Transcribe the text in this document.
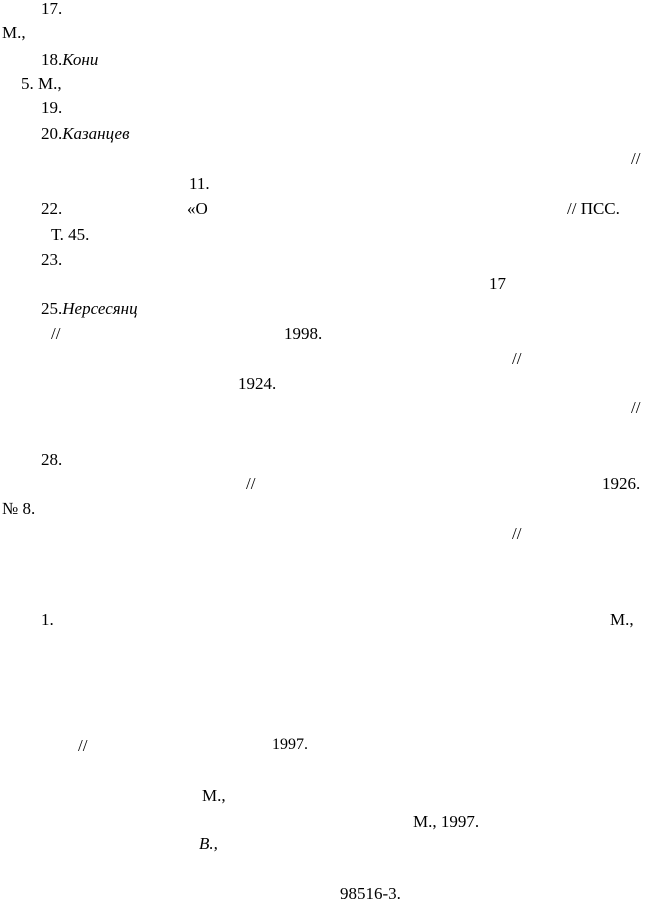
17.
М.,
18.Кони
5. М.,
19.
20.Казанцев
//
11.
22.	«О	// ПСС.
Т. 45.
23.
17
25.Нерсесянц
//	1998.
//
1924.
//
28.
//	1926.
№ 8.
//
1.	М.,
//	1997.
М.,
М., 1997.
В.,
98516-3.
